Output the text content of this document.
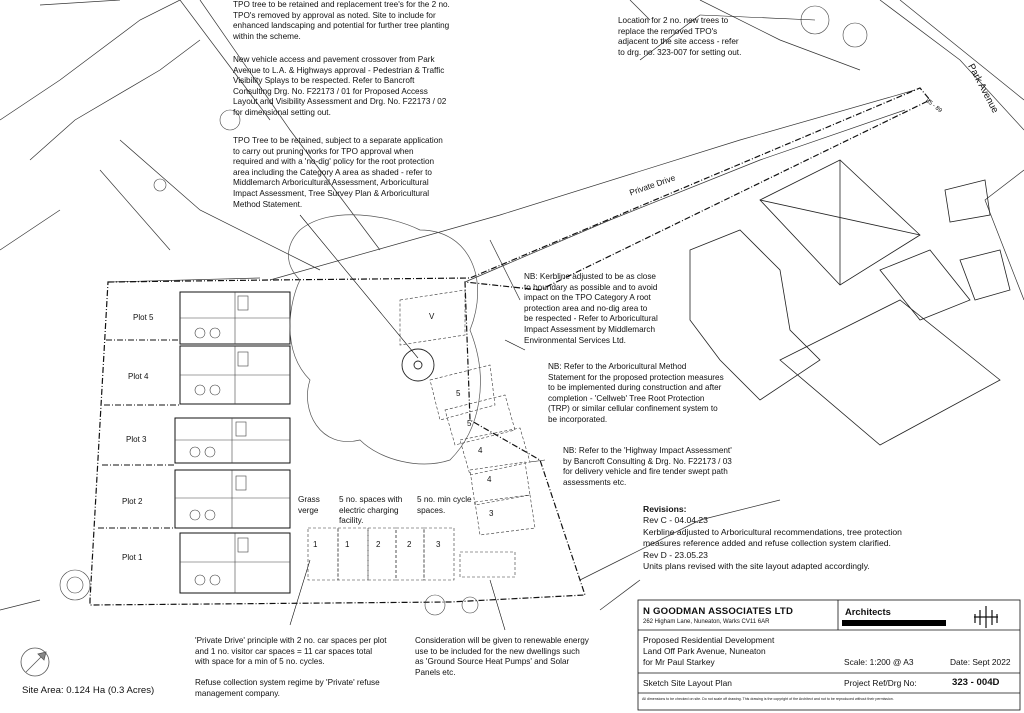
TPO tree to be retained and replacement tree's for the 2 no.
TPO's removed by approval as noted. Site to include for
enhanced landscaping and potential for further tree planting
within the scheme.
New vehicle access and pavement crossover from Park
Avenue to L.A. & Highways approval - Pedestrian & Traffic
Visibility Splays to be respected. Refer to Bancroft
Consulting Drg. No. F22173 / 01 for Proposed Access
Layout and Visibility Assessment and Drg. No. F22173 / 02
for dimensional setting out.
TPO Tree to be retained, subject to a separate application
to carry out pruning works for TPO approval when
required and with a 'no-dig' policy for the root protection
area including the Category A area as shaded - refer to
Middlemarch Arboricultural Assessment, Arboricultural
Impact Assessment, Tree Survey Plan & Arboricultural
Method Statement.
Location for 2 no. new trees to
replace the removed TPO's
adjacent to the site access - refer
to drg. no. 323-007 for setting out.
NB: Kerbline adjusted to be as close
to boundary as possible and to avoid
impact on the TPO Category A root
protection area and no-dig area to
be respected - Refer to Arboricultural
Impact Assessment by Middlemarch
Environmental Services Ltd.
NB: Refer to the Arboricultural Method
Statement for the proposed protection measures
to be implemented during construction and after
completion - 'Cellweb' Tree Root Protection
(TRP) or similar cellular confinement system to
be incorporated.
NB: Refer to the 'Highway Impact Assessment'
by Bancroft Consulting & Drg. No. F22173 / 03
for delivery vehicle and fire tender swept path
assessments etc.
Grass
verge
5 no. spaces with
electric charging
facility.
5 no. min cycle
spaces.
'Private Drive' principle with 2 no. car spaces per plot
and 1 no. visitor car spaces = 11 car spaces total
with space for a min of 5 no. cycles.

Refuse collection system regime by 'Private' refuse
management company.
Consideration will be given to renewable energy
use to be included for the new dwellings such
as 'Ground Source Heat Pumps' and Solar
Panels etc.
Plot 5
Plot 4
Plot 3
Plot 2
Plot 1
V
5
5
4
4
3
1	1	2	2	3
Private Drive
Park Avenue
85 - 89
Revisions:
Rev C - 04.04.23
Kerbline adjusted to Arboricultural recommendations, tree protection
measures reference added and refuse collection system clarified.
Rev D - 23.05.23
Units plans revised with the site layout adapted accordingly.
N GOODMAN ASSOCIATES LTD
262 Higham Lane, Nuneaton, Warks CV11 6AR
Architects
Proposed Residential Development
Land Off Park Avenue, Nuneaton
for Mr Paul Starkey	Scale: 1:200 @ A3	Date: Sept 2022
Sketch Site Layout Plan	Project Ref/Drg No:	323 - 004D
All dimensions to be checked on site. Do not scale off drawing. This drawing is the copyright of the Architect and not to be reproduced without their permission.
Site Area: 0.124 Ha (0.3 Acres)
